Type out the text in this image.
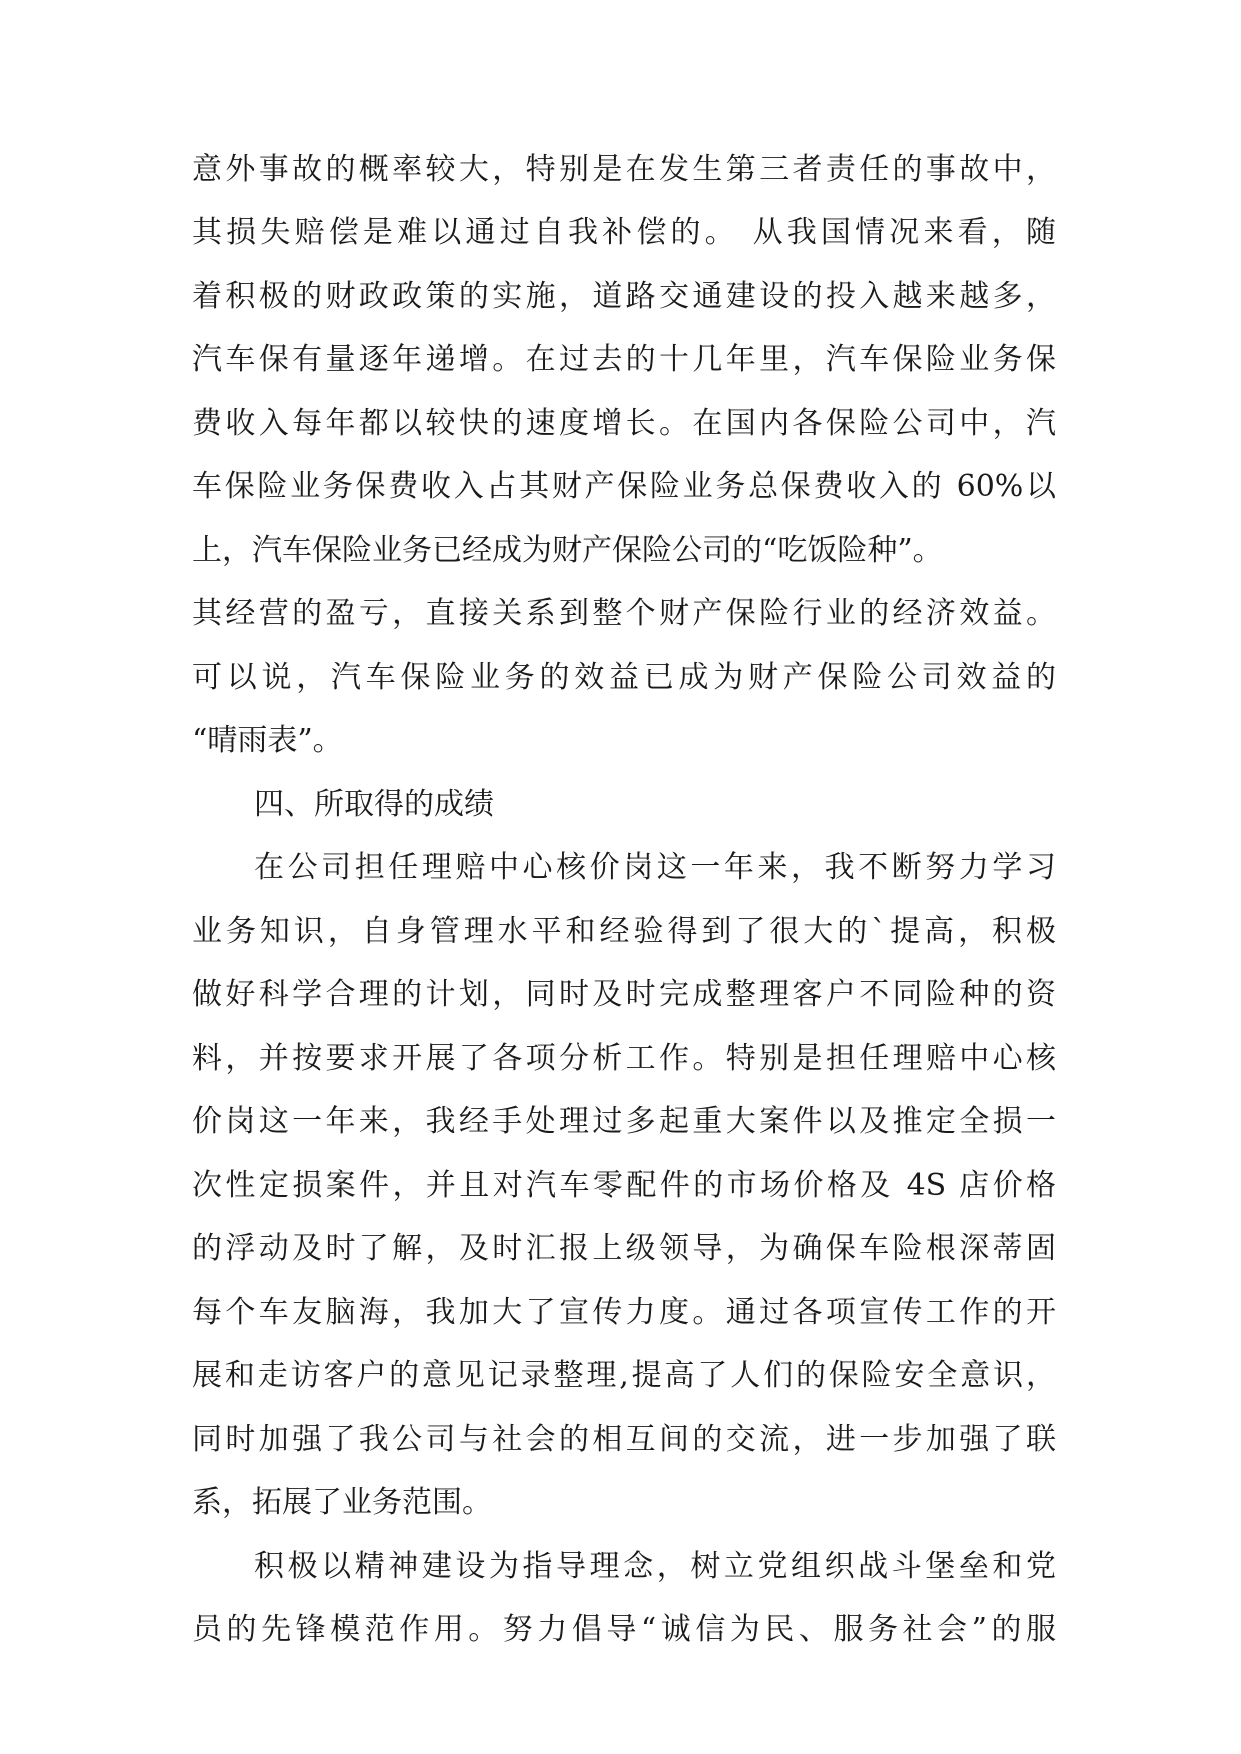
意外事故的概率较大，特别是在发生第三者责任的事故中，
其损失赔偿是难以通过自我补偿的。 从我国情况来看，随
着积极的财政政策的实施，道路交通建设的投入越来越多，
汽车保有量逐年递增。在过去的十几年里，汽车保险业务保
费收入每年都以较快的速度增长。在国内各保险公司中，汽
车保险业务保费收入占其财产保险业务总保费收入的 60%以
上，汽车保险业务已经成为财产保险公司的“吃饭险种”。
其经营的盈亏，直接关系到整个财产保险行业的经济效益。
可以说，汽车保险业务的效益已成为财产保险公司效益的
“晴雨表”。
四、所取得的成绩
在公司担任理赔中心核价岗这一年来，我不断努力学习
业务知识，自身管理水平和经验得到了很大的`提高，积极
做好科学合理的计划，同时及时完成整理客户不同险种的资
料，并按要求开展了各项分析工作。特别是担任理赔中心核
价岗这一年来，我经手处理过多起重大案件以及推定全损一
次性定损案件，并且对汽车零配件的市场价格及 4S 店价格
的浮动及时了解，及时汇报上级领导，为确保车险根深蒂固
每个车友脑海，我加大了宣传力度。通过各项宣传工作的开
展和走访客户的意见记录整理,提高了人们的保险安全意识，
同时加强了我公司与社会的相互间的交流，进一步加强了联
系，拓展了业务范围。
积极以精神建设为指导理念，树立党组织战斗堡垒和党
员的先锋模范作用。努力倡导“诚信为民、服务社会”的服
